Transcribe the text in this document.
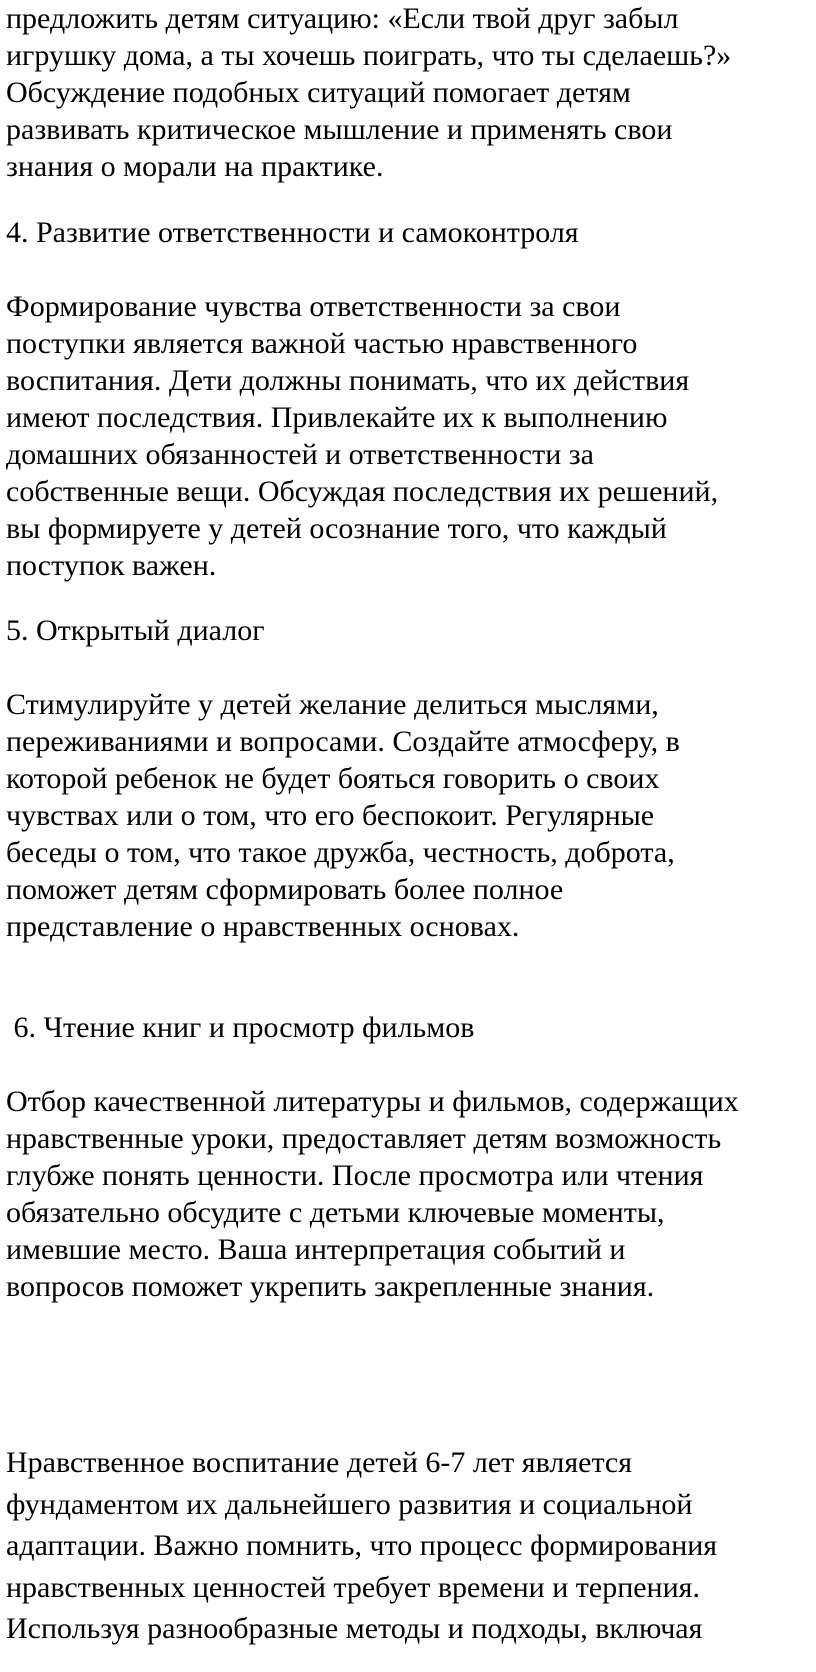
предложить детям ситуацию: «Если твой друг забыл
игрушку дома, а ты хочешь поиграть, что ты сделаешь?»
Обсуждение подобных ситуаций помогает детям
развивать критическое мышление и применять свои
знания о морали на практике.

4. Развитие ответственности и самоконтроля

Формирование чувства ответственности за свои
поступки является важной частью нравственного
воспитания. Дети должны понимать, что их действия
имеют последствия. Привлекайте их к выполнению
домашних обязанностей и ответственности за
собственные вещи. Обсуждая последствия их решений,
вы формируете у детей осознание того, что каждый
поступок важен.

5. Открытый диалог

Стимулируйте у детей желание делиться мыслями,
переживаниями и вопросами. Создайте атмосферу, в
которой ребенок не будет бояться говорить о своих
чувствах или о том, что его беспокоит. Регулярные
беседы о том, что такое дружба, честность, доброта,
поможет детям сформировать более полное
представление о нравственных основах.

6. Чтение книг и просмотр фильмов

Отбор качественной литературы и фильмов, содержащих
нравственные уроки, предоставляет детям возможность
глубже понять ценности. После просмотра или чтения
обязательно обсудите с детьми ключевые моменты,
имевшие место. Ваша интерпретация событий и
вопросов поможет укрепить закрепленные знания.

Нравственное воспитание детей 6-7 лет является
фундаментом их дальнейшего развития и социальной
адаптации. Важно помнить, что процесс формирования
нравственных ценностей требует времени и терпения.
Используя разнообразные методы и подходы, включая
